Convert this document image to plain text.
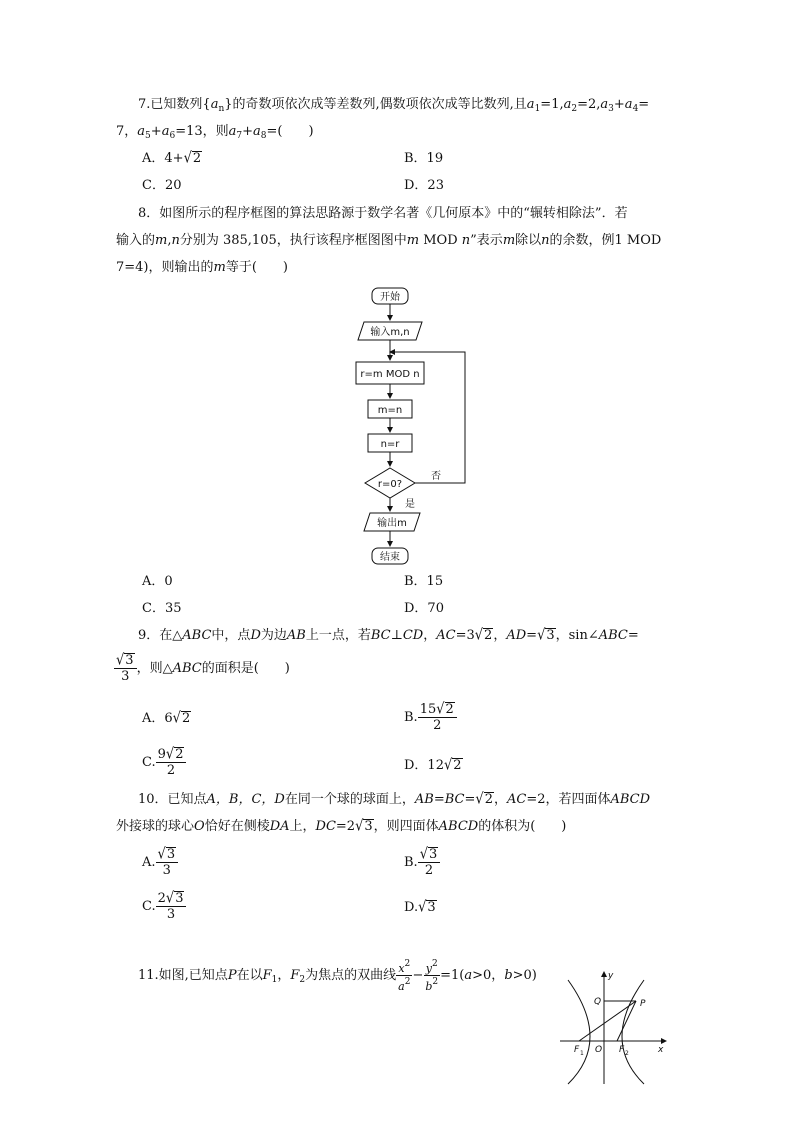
7.已知数列$\{a_n\}$的奇数项依次成等差数列,偶数项依次成等比数列,且$a_1=1,a_2=2,a_3+a_4=$
7，$a_5+a_6=13$，则$a_7+a_8=$(　　)
A．4+√2	B．19
C．20	D．23
8．如图所示的程序框图的算法思路源于数学名著《几何原本》中的“辗转相除法”．若
输入的m,n分别为 385,105，执行该程序框图图中m MOD n”表示m除以n的余数，例1 MOD
7=4)，则输出的m等于(　　)
开始
输入m,n
r=m MOD n
m=n
n=r
r=0?
否
是
输出m
结束
A．0	B．15
C．35	D．70
9．在△ABC中，点D为边AB上一点，若BC⊥CD，AC=3√2，AD=√3，sin∠ABC=
$\frac{√3}{3}$ ，则△ABC的面积是(　　)
A．6√2	B. $\frac{15√2}{2}$
C. $\frac{9√2}{2}$	D．12√2
10．已知点A，B，C，D在同一个球的球面上，AB=BC=√2，AC=2，若四面体ABCD
外接球的球心O恰好在侧棱DA上，DC=2√3，则四面体ABCD的体积为(　　)
A. $\frac{√3}{3}$	B. $\frac{√3}{2}$
C. $\frac{2√3}{3}$	D.√3
11.如图,已知点P在以$F_1$，$F_2$为焦点的双曲线 $\frac{x^2}{a^2} - \frac{y^2}{b^2} =1(a>0$，b>0)	y
x
Q	P
F 1 O F 2
